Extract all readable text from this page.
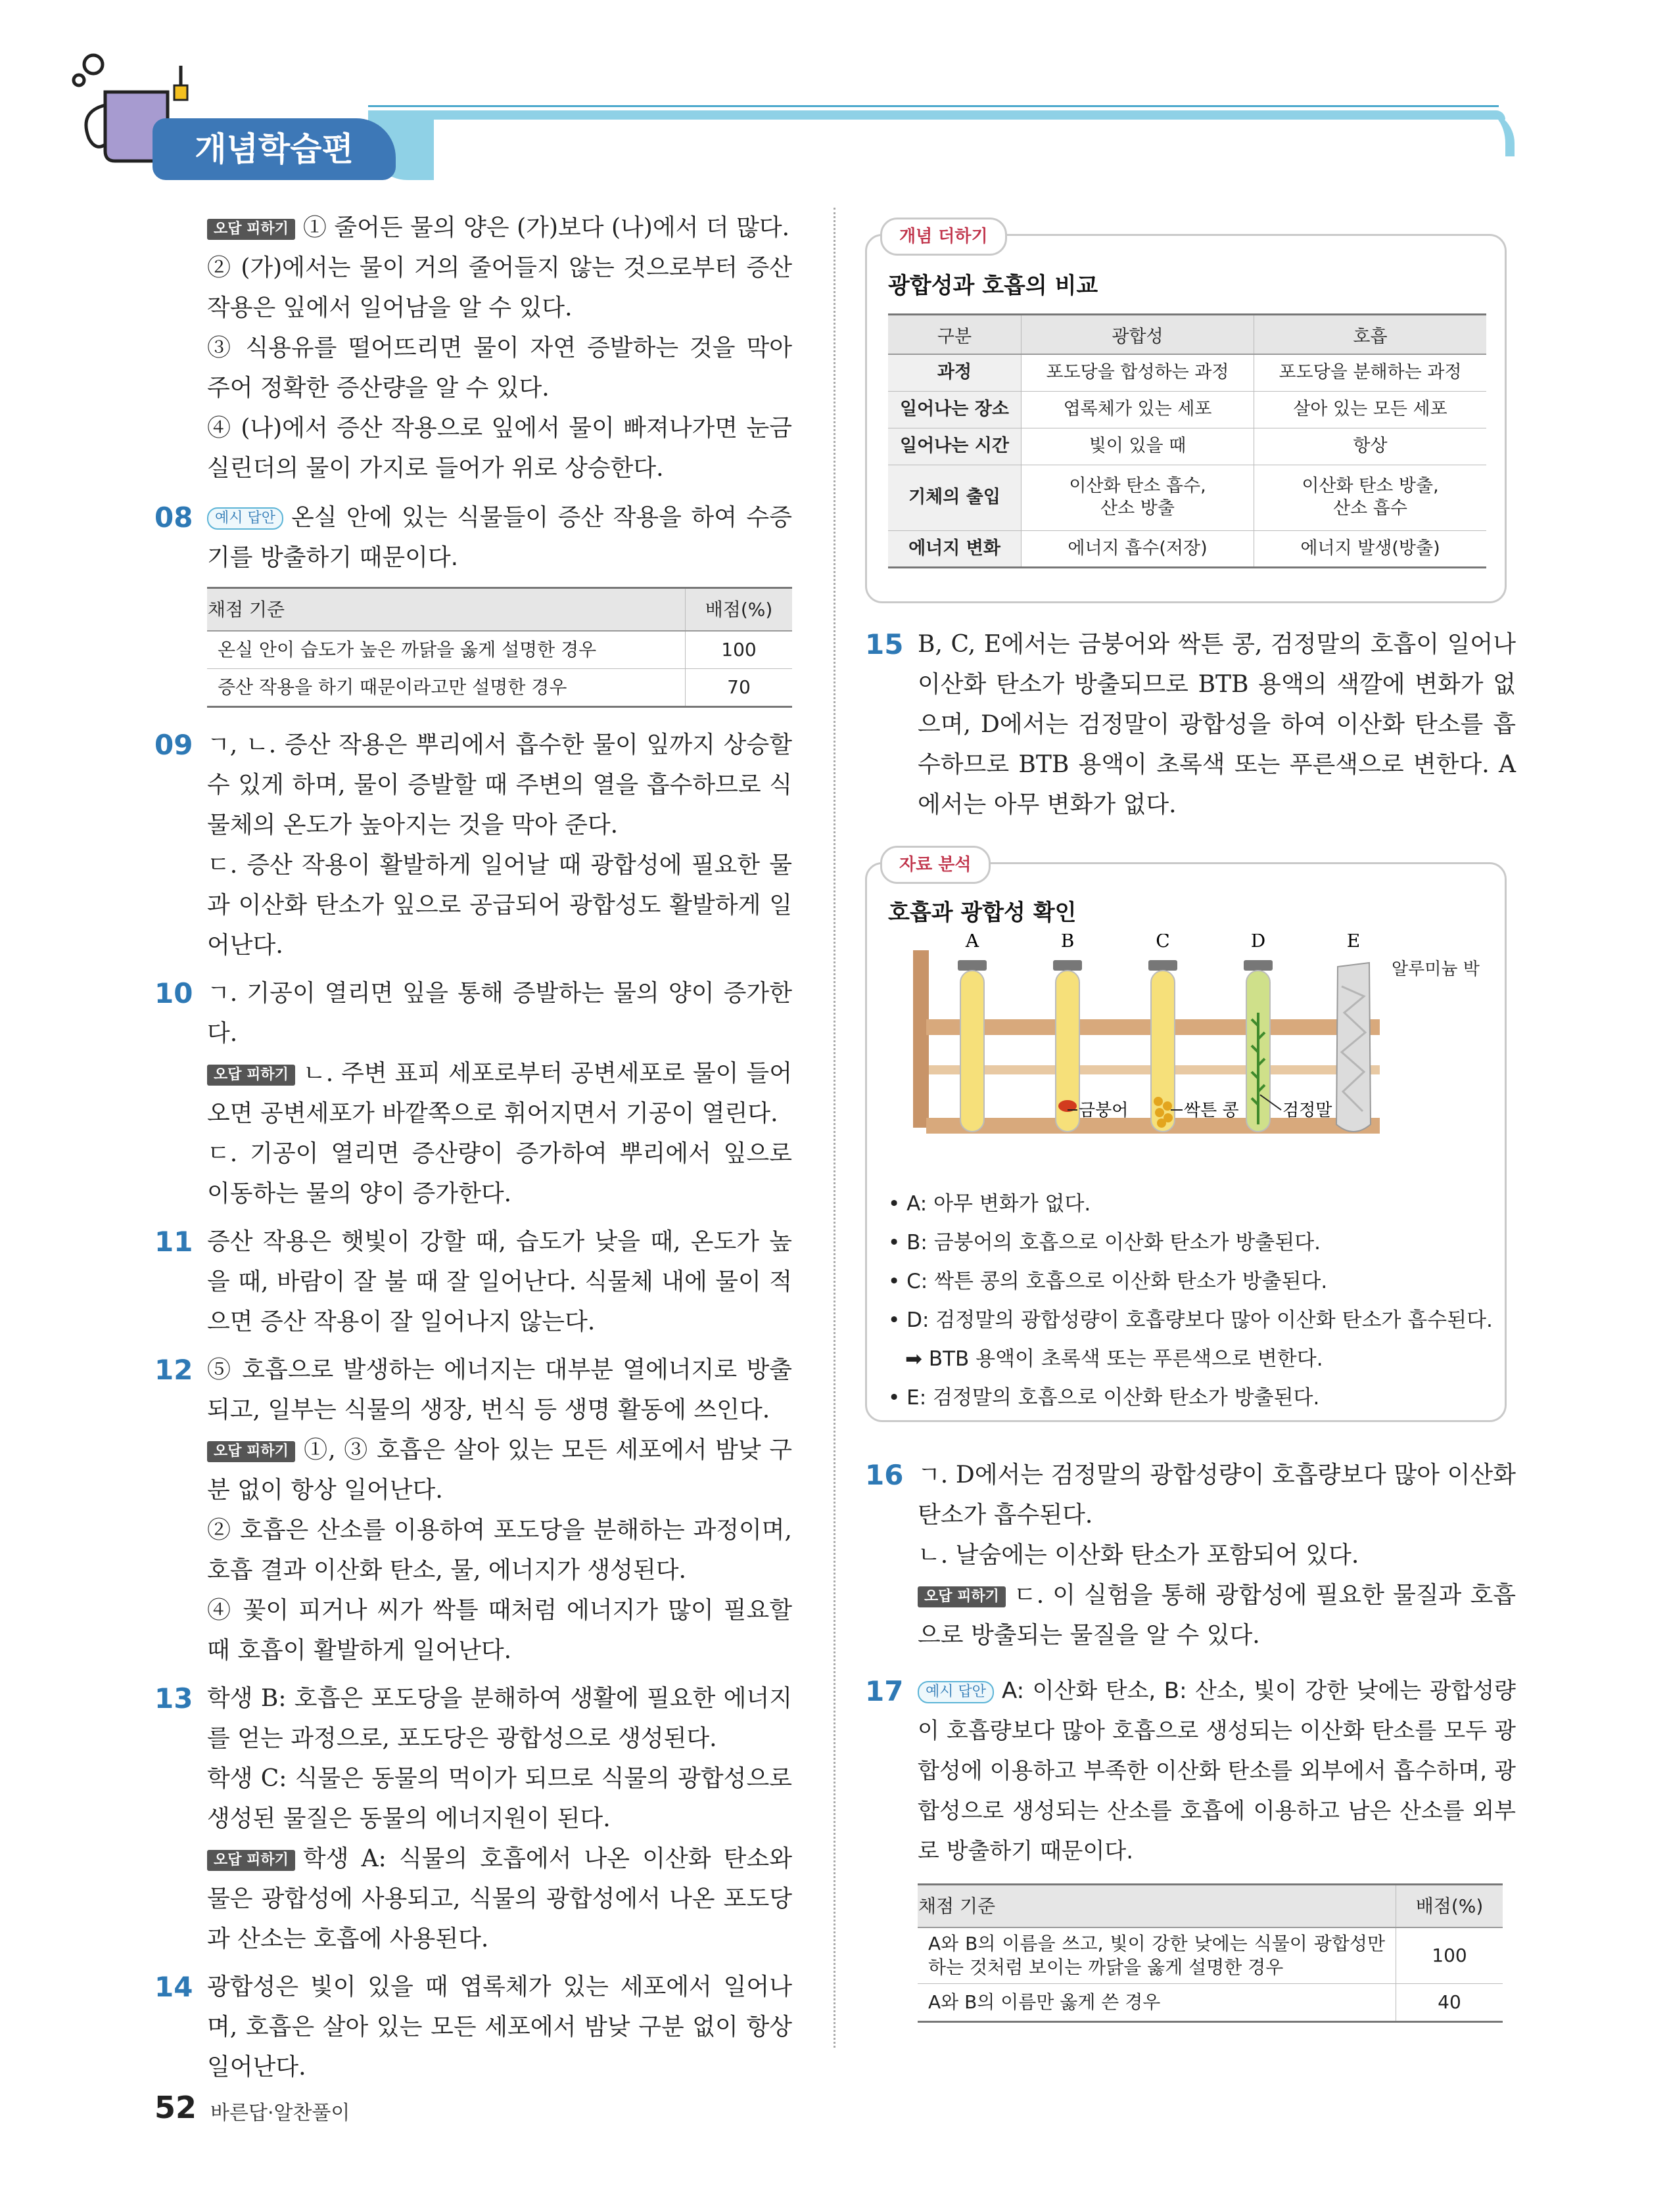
개념학습편

오답 피하기 ① 줄어든 물의 양은 (가)보다 (나)에서 더 많다.

② (가)에서는 물이 거의 줄어들지 않는 것으로부터 증산 작용은 잎에서 일어남을 알 수 있다.

③ 식용유를 떨어뜨리면 물이 자연 증발하는 것을 막아 주어 정확한 증산량을 알 수 있다.

④ (나)에서 증산 작용으로 잎에서 물이 빠져나가면 눈금실린더의 물이 가지로 들어가 위로 상승한다.

08	예시 답안 온실 안에 있는 식물들이 증산 작용을 하여 수증기를 방출하기 때문이다.

채점 기준	배점(%)
온실 안이 습도가 높은 까닭을 옳게 설명한 경우	100
증산 작용을 하기 때문이라고만 설명한 경우	70
09 ㄱ, ㄴ. 증산 작용은 뿌리에서 흡수한 물이 잎까지 상승할 수 있게 하며, 물이 증발할 때 주변의 열을 흡수하므로 식물체의 온도가 높아지는 것을 막아 준다.

ㄷ. 증산 작용이 활발하게 일어날 때 광합성에 필요한 물과 이산화 탄소가 잎으로 공급되어 광합성도 활발하게 일어난다.

10 ㄱ. 기공이 열리면 잎을 통해 증발하는 물의 양이 증가한다.

오답 피하기 ㄴ. 주변 표피 세포로부터 공변세포로 물이 들어오면 공변세포가 바깥쪽으로 휘어지면서 기공이 열린다.

ㄷ. 기공이 열리면 증산량이 증가하여 뿌리에서 잎으로 이동하는 물의 양이 증가한다.

11 증산 작용은 햇빛이 강할 때, 습도가 낮을 때, 온도가 높을 때, 바람이 잘 불 때 잘 일어난다. 식물체 내에 물이 적으면 증산 작용이 잘 일어나지 않는다.

12 ⑤ 호흡으로 발생하는 에너지는 대부분 열에너지로 방출되고, 일부는 식물의 생장, 번식 등 생명 활동에 쓰인다.

오답 피하기 ①, ③ 호흡은 살아 있는 모든 세포에서 밤낮 구분 없이 항상 일어난다.

② 호흡은 산소를 이용하여 포도당을 분해하는 과정이며, 호흡 결과 이산화 탄소, 물, 에너지가 생성된다.

④ 꽃이 피거나 씨가 싹틀 때처럼 에너지가 많이 필요할 때 호흡이 활발하게 일어난다.

13 학생 B: 호흡은 포도당을 분해하여 생활에 필요한 에너지를 얻는 과정으로, 포도당은 광합성으로 생성된다.

학생 C: 식물은 동물의 먹이가 되므로 식물의 광합성으로 생성된 물질은 동물의 에너지원이 된다.

오답 피하기 학생 A: 식물의 호흡에서 나온 이산화 탄소와 물은 광합성에 사용되고, 식물의 광합성에서 나온 포도당과 산소는 호흡에 사용된다.

14 광합성은 빛이 있을 때 엽록체가 있는 세포에서 일어나며, 호흡은 살아 있는 모든 세포에서 밤낮 구분 없이 항상 일어난다.

개념 더하기
광합성과 호흡의 비교
구분	광합성	호흡
과정	포도당을 합성하는 과정	포도당을 분해하는 과정
일어나는 장소	엽록체가 있는 세포	살아 있는 모든 세포
일어나는 시간	빛이 있을 때	항상
기체의 출입	이산화 탄소 흡수, 산소 방출	이산화 탄소 방출, 산소 흡수
에너지 변화	에너지 흡수(저장)	에너지 발생(방출)
15 B, C, E에서는 금붕어와 싹튼 콩, 검정말의 호흡이 일어나 이산화 탄소가 방출되므로 BTB 용액의 색깔에 변화가 없으며, D에서는 검정말이 광합성을 하여 이산화 탄소를 흡수하므로 BTB 용액이 초록색 또는 푸른색으로 변한다. A에서는 아무 변화가 없다.

자료 분석
호흡과 광합성 확인
A	B	C	D	E
알루미늄 박
금붕어	싹튼 콩	검정말
• A: 아무 변화가 없다.
• B: 금붕어의 호흡으로 이산화 탄소가 방출된다.
• C: 싹튼 콩의 호흡으로 이산화 탄소가 방출된다.
• D: 검정말의 광합성량이 호흡량보다 많아 이산화 탄소가 흡수된다.
➡ BTB 용액이 초록색 또는 푸른색으로 변한다.
• E: 검정말의 호흡으로 이산화 탄소가 방출된다.
16 ㄱ. D에서는 검정말의 광합성량이 호흡량보다 많아 이산화 탄소가 흡수된다.

ㄴ. 날숨에는 이산화 탄소가 포함되어 있다.

오답 피하기 ㄷ. 이 실험을 통해 광합성에 필요한 물질과 호흡으로 방출되는 물질을 알 수 있다.

17	예시 답안 A: 이산화 탄소, B: 산소, 빛이 강한 낮에는 광합성량이 호흡량보다 많아 호흡으로 생성되는 이산화 탄소를 모두 광합성에 이용하고 부족한 이산화 탄소를 외부에서 흡수하며, 광합성으로 생성되는 산소를 호흡에 이용하고 남은 산소를 외부로 방출하기 때문이다.

채점 기준	배점(%)
A와 B의 이름을 쓰고, 빛이 강한 낮에는 식물이 광합성만 하는 것처럼 보이는 까닭을 옳게 설명한 경우	100
A와 B의 이름만 옳게 쓴 경우	40
52 바른답·알찬풀이
